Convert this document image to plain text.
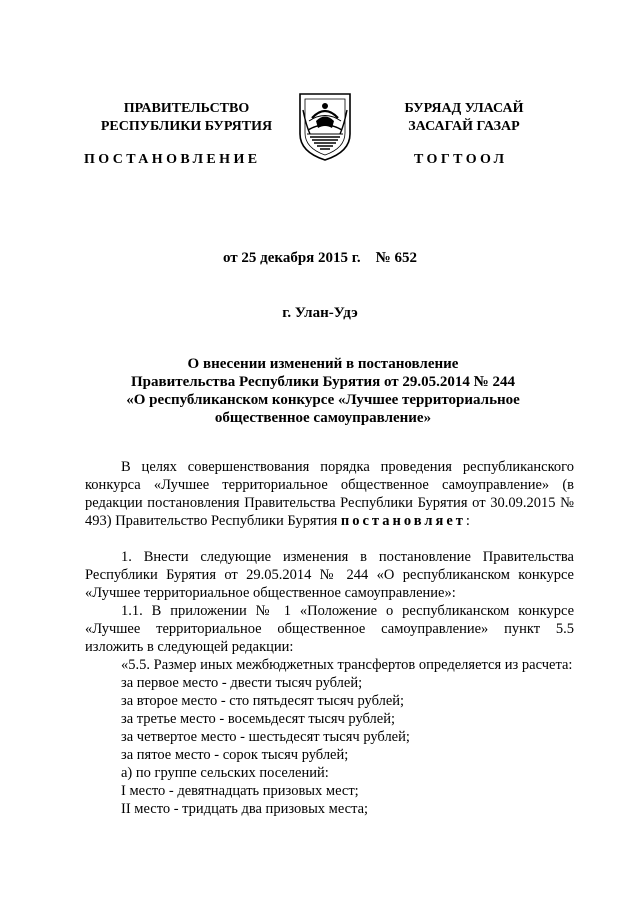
ПРАВИТЕЛЬСТВО
РЕСПУБЛИКИ БУРЯТИЯ
ПОСТАНОВЛЕНИЕ
БУРЯАД УЛАСАЙ
ЗАСАГАЙ ГАЗАР
ТОГТООЛ
от 25 декабря 2015 г.    № 652
г. Улан-Удэ
О внесении изменений в постановление
Правительства Республики Бурятия от 29.05.2014 № 244
«О республиканском конкурсе «Лучшее территориальное
общественное самоуправление»

В целях совершенствования порядка проведения республиканского конкурса «Лучшее территориальное общественное самоуправление» (в редакции постановления Правительства Республики Бурятия от 30.09.2015 № 493) Правительство Республики Бурятия постановляет:

1. Внести следующие изменения в постановление Правительства Республики Бурятия от 29.05.2014 № 244 «О республиканском конкурсе «Лучшее территориальное общественное самоуправление»:

1.1. В приложении № 1 «Положение о республиканском конкурсе «Лучшее территориальное общественное самоуправление» пункт 5.5 изложить в следующей редакции:

«5.5. Размер иных межбюджетных трансфертов определяется из расчета:

за первое место - двести тысяч рублей;

за второе место - сто пятьдесят тысяч рублей;

за третье место - восемьдесят тысяч рублей;

за четвертое место - шестьдесят тысяч рублей;

за пятое место - сорок тысяч рублей;

а) по группе сельских поселений:

I место - девятнадцать призовых мест;

II место - тридцать два призовых места;
